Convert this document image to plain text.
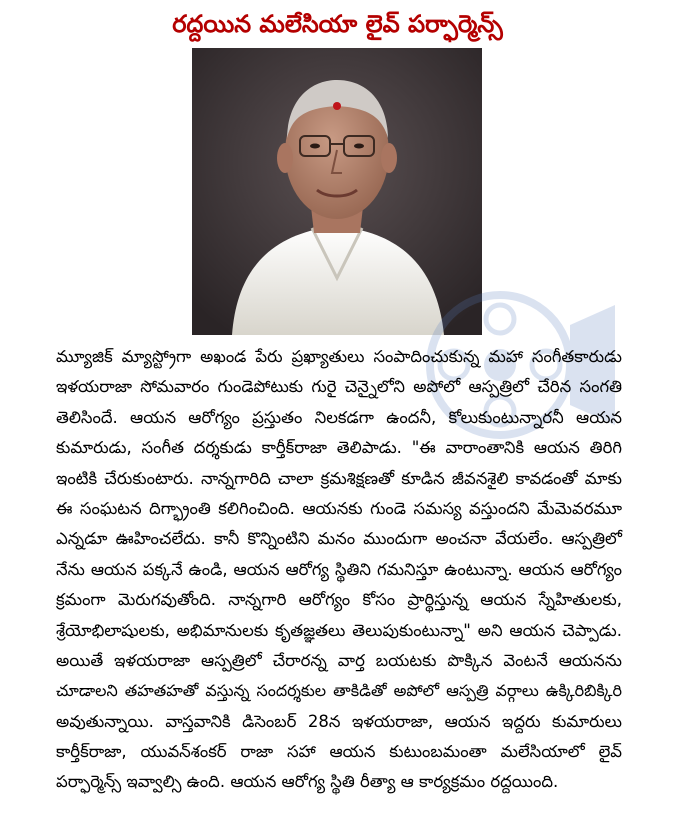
రద్దయిన మలేసియా లైవ్ పర్ఫార్మెన్స్
మ్యూజిక్ మ్యాస్ట్రోగా అఖండ పేరు ప్రఖ్యాతులు సంపాదించుకున్న మహా సంగీతకారుడు
ఇళయరాజా సోమవారం గుండెపోటుకు గురై చెన్నైలోని అపోలో ఆస్పత్రిలో చేరిన సంగతి
తెలిసిందే. ఆయన ఆరోగ్యం ప్రస్తుతం నిలకడగా ఉందనీ, కోలుకుంటున్నారనీ ఆయన
కుమారుడు, సంగీత దర్శకుడు కార్తీక్‌రాజా తెలిపాడు. "ఈ వారాంతానికి ఆయన తిరిగి
ఇంటికి చేరుకుంటారు. నాన్నగారిది చాలా క్రమశిక్షణతో కూడిన జీవనశైలి కావడంతో మాకు
ఈ సంఘటన దిగ్భ్రాంతి కలిగించింది. ఆయనకు గుండె సమస్య వస్తుందని మేమెవరమూ
ఎన్నడూ ఊహించలేదు. కానీ కొన్నింటిని మనం ముందుగా అంచనా వేయలేం. ఆస్పత్రిలో
నేను ఆయన పక్కనే ఉండి, ఆయన ఆరోగ్య స్థితిని గమనిస్తూ ఉంటున్నా. ఆయన ఆరోగ్యం
క్రమంగా మెరుగవుతోంది. నాన్నగారి ఆరోగ్యం కోసం ప్రార్థిస్తున్న ఆయన స్నేహితులకు,
శ్రేయోభిలాషులకు, అభిమానులకు కృతజ్ఞతలు తెలుపుకుంటున్నా" అని ఆయన చెప్పాడు.
అయితే ఇళయరాజా ఆస్పత్రిలో చేరారన్న వార్త బయటకు పొక్కిన వెంటనే ఆయనను
చూడాలని తహతహతో వస్తున్న సందర్శకుల తాకిడితో అపోలో ఆస్పత్రి వర్గాలు ఉక్కిరిబిక్కిరి
అవుతున్నాయి. వాస్తవానికి డిసెంబర్ 28న ఇళయరాజా, ఆయన ఇద్దరు కుమారులు
కార్తీక్‌రాజా, యువన్‌శంకర్ రాజా సహా ఆయన కుటుంబమంతా మలేసియాలో లైవ్
పర్ఫార్మెన్స్ ఇవ్వాల్సి ఉంది. ఆయన ఆరోగ్య స్థితి రీత్యా ఆ కార్యక్రమం రద్దయింది.
